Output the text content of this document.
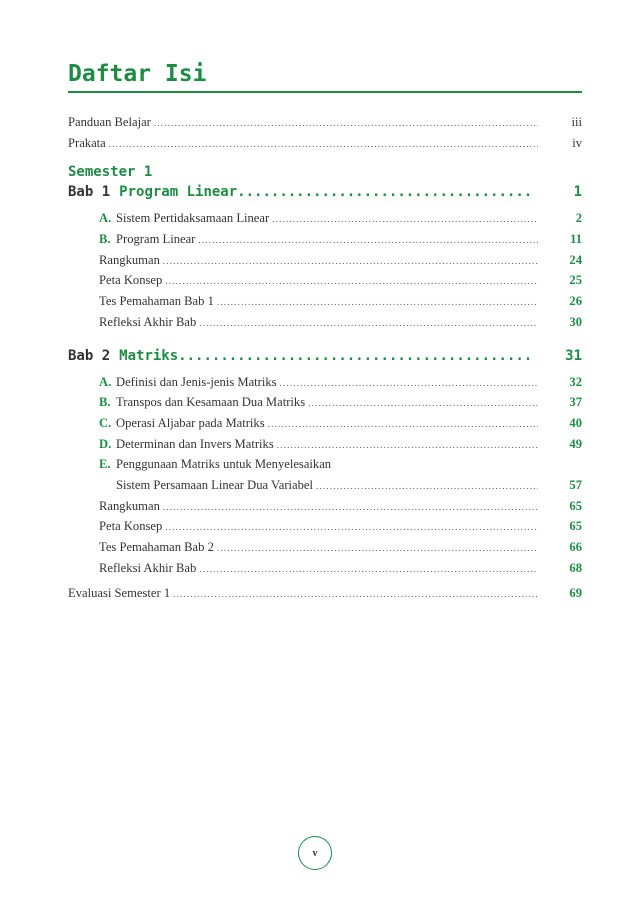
Daftar Isi
Panduan Belajar .....	iii
Prakata .....	iv
Semester 1
Bab 1 Program Linear .....	1
A. Sistem Pertidaksamaan Linear .....	2
B. Program Linear .....	11
Rangkuman .....	24
Peta Konsep .....	25
Tes Pemahaman Bab 1 .....	26
Refleksi Akhir Bab .....	30
Bab 2 Matriks .....	31
A. Definisi dan Jenis-jenis Matriks .....	32
B. Transpos dan Kesamaan Dua Matriks .....	37
C. Operasi Aljabar pada Matriks .....	40
D. Determinan dan Invers Matriks .....	49
E. Penggunaan Matriks untuk Menyelesaikan
Sistem Persamaan Linear Dua Variabel .....	57
Rangkuman .....	65
Peta Konsep .....	65
Tes Pemahaman Bab 2 .....	66
Refleksi Akhir Bab .....	68
Evaluasi Semester 1 .....	69
v
